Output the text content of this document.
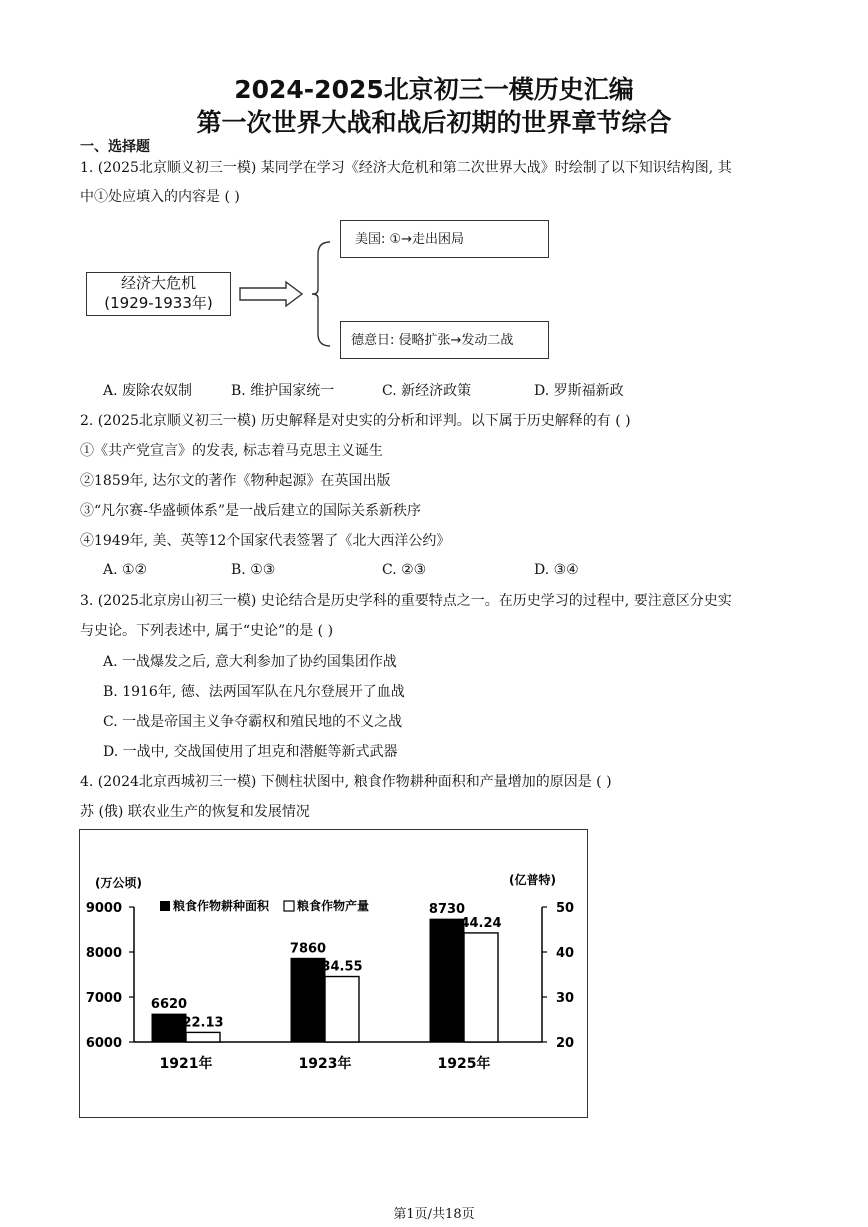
2024-2025北京初三一模历史汇编
第一次世界大战和战后初期的世界章节综合
一、选择题
1. (2025北京顺义初三一模) 某同学在学习《经济大危机和第二次世界大战》时绘制了以下知识结构图, 其
中①处应填入的内容是 ( )
经济大危机
(1929-1933年)
美国: ①→走出困局
德意日: 侵略扩张→发动二战
A. 废除农奴制	B. 维护国家统一	C. 新经济政策	D. 罗斯福新政
2. (2025北京顺义初三一模) 历史解释是对史实的分析和评判。以下属于历史解释的有 ( )
①《共产党宣言》的发表, 标志着马克思主义诞生
②1859年, 达尔文的著作《物种起源》在英国出版
③“凡尔赛-华盛顿体系”是一战后建立的国际关系新秩序
④1949年, 美、英等12个国家代表签署了《北大西洋公约》
A. ①②	B. ①③	C. ②③	D. ③④
3. (2025北京房山初三一模) 史论结合是历史学科的重要特点之一。在历史学习的过程中, 要注意区分史实
与史论。下列表述中, 属于“史论”的是 ( )
A. 一战爆发之后, 意大利参加了协约国集团作战
B. 1916年, 德、法两国军队在凡尔登展开了血战
C. 一战是帝国主义争夺霸权和殖民地的不义之战
D. 一战中, 交战国使用了坦克和潜艇等新式武器
4. (2024北京西城初三一模) 下侧柱状图中, 粮食作物耕种面积和产量增加的原因是 ( )
苏 (俄) 联农业生产的恢复和发展情况
6000
7000
8000
9000
20
30
40
50
(万公顷)	(亿普特)
粮食作物耕种面积 粮食作物产量
6620
22.13
1921年
7860
34.55
1923年
8730
44.24
1925年
第1页/共18页
